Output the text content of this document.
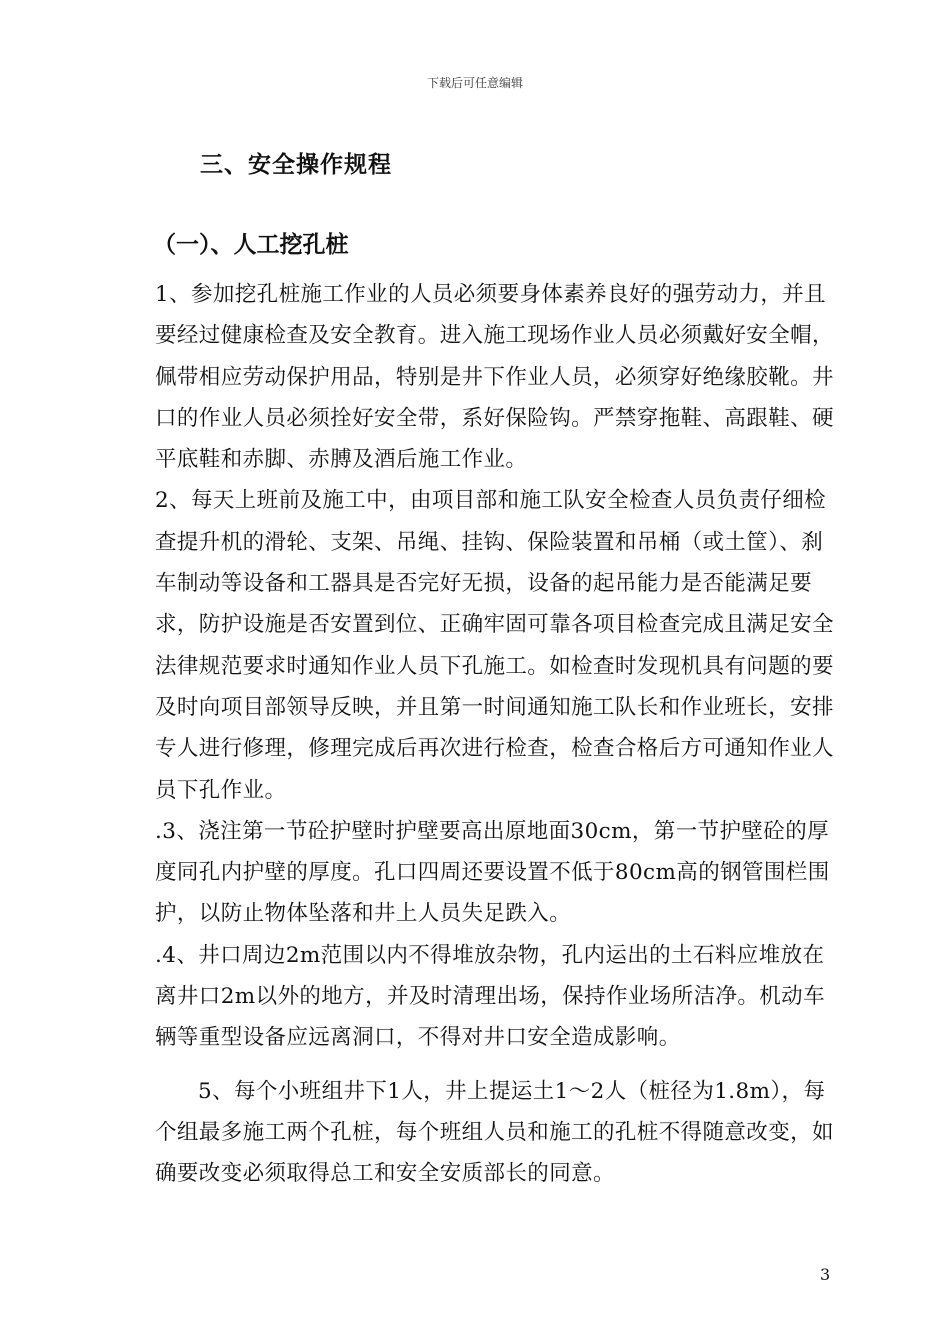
下载后可任意编辑
三、安全操作规程
（一）、人工挖孔桩

1、参加挖孔桩施工作业的人员必须要身体素养良好的强劳动力，并且要经过健康检查及安全教育。进入施工现场作业人员必须戴好安全帽，佩带相应劳动保护用品，特别是井下作业人员，必须穿好绝缘胶靴。井口的作业人员必须拴好安全带，系好保险钩。严禁穿拖鞋、高跟鞋、硬平底鞋和赤脚、赤膊及酒后施工作业。

2、每天上班前及施工中，由项目部和施工队安全检查人员负责仔细检查提升机的滑轮、支架、吊绳、挂钩、保险装置和吊桶（或土筐）、刹车制动等设备和工器具是否完好无损，设备的起吊能力是否能满足要求，防护设施是否安置到位、正确牢固可靠各项目检查完成且满足安全法律规范要求时通知作业人员下孔施工。如检查时发现机具有问题的要及时向项目部领导反映，并且第一时间通知施工队长和作业班长，安排专人进行修理，修理完成后再次进行检查，检查合格后方可通知作业人员下孔作业。

.3、浇注第一节砼护壁时护壁要高出原地面30cm，第一节护壁砼的厚度同孔内护壁的厚度。孔口四周还要设置不低于80cm高的钢管围栏围护，以防止物体坠落和井上人员失足跌入。

.4、井口周边2m范围以内不得堆放杂物，孔内运出的土石料应堆放在离井口2m以外的地方，并及时清理出场，保持作业场所洁净。机动车辆等重型设备应远离洞口，不得对井口安全造成影响。

5、每个小班组井下1人，井上提运土1～2人（桩径为1.8m），每个组最多施工两个孔桩，每个班组人员和施工的孔桩不得随意改变，如确要改变必须取得总工和安全安质部长的同意。

3
